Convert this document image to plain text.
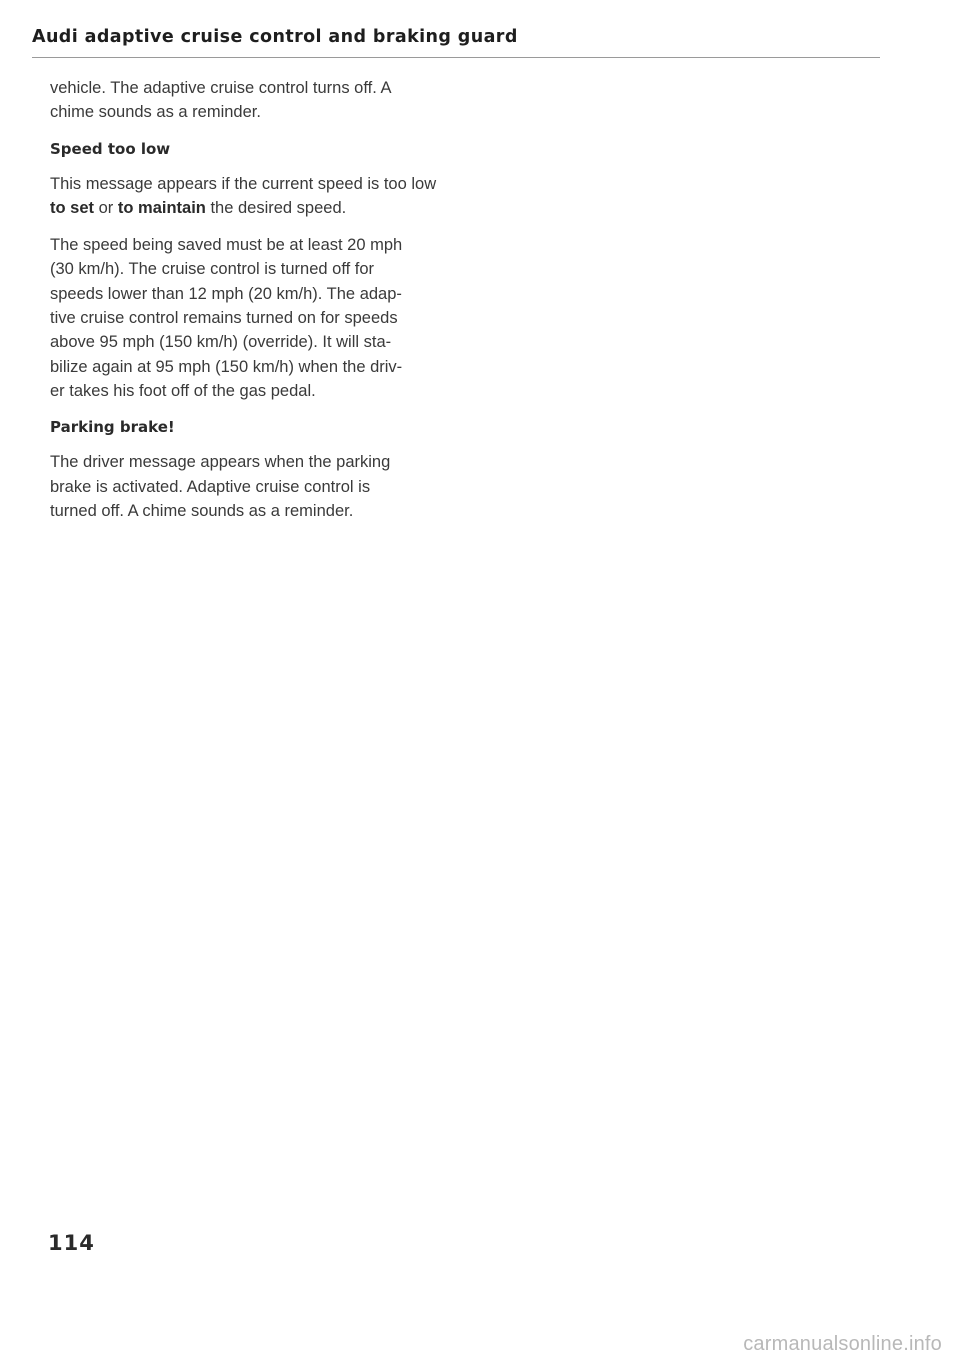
Audi adaptive cruise control and braking guard

vehicle. The adaptive cruise control turns off. A
chime sounds as a reminder.

Speed too low

This message appears if the current speed is too low to set or to maintain the desired speed.

The speed being saved must be at least 20 mph
(30 km/h). The cruise control is turned off for
speeds lower than 12 mph (20 km/h). The adap-
tive cruise control remains turned on for speeds
above 95 mph (150 km/h) (override). It will sta-
bilize again at 95 mph (150 km/h) when the driv-
er takes his foot off of the gas pedal.

Parking brake!

The driver message appears when the parking
brake is activated. Adaptive cruise control is
turned off. A chime sounds as a reminder.

114
carmanualsonline.info
